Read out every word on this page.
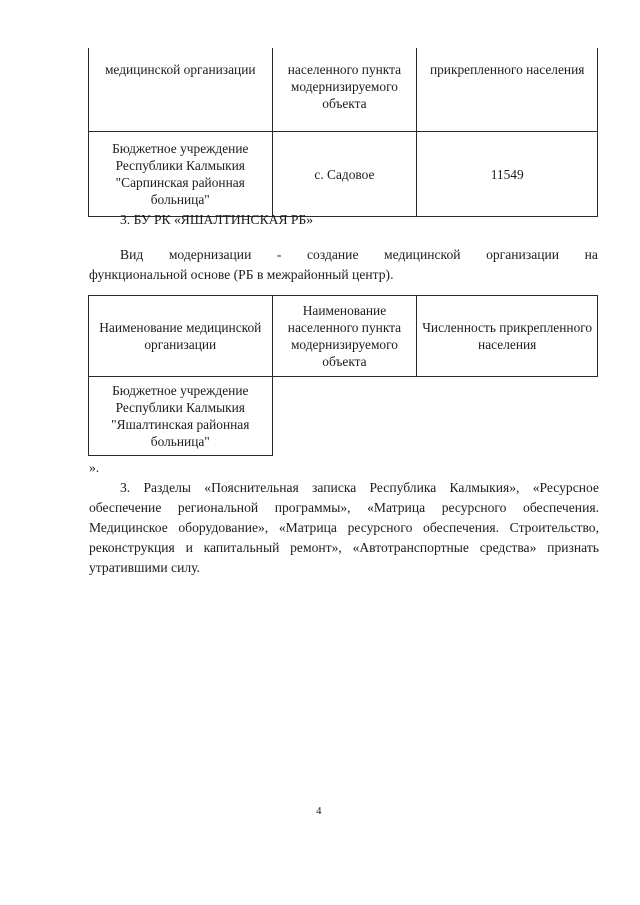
медицинской организации	населенного пункта модернизируемого объекта	прикрепленного населения
Бюджетное учреждение Республики Калмыкия "Сарпинская районная больница"	с. Садовое	11549
3. БУ РК «ЯШАЛТИНСКАЯ РБ»
Вид модернизации - создание медицинской организации на
функциональной основе (РБ в межрайонный центр).
Наименование медицинской организации	Наименование населенного пункта модернизируемого объекта	Численность прикрепленного населения
Бюджетное учреждение Республики Калмыкия "Яшалтинская районная больница"		
».
3. Разделы «Пояснительная записка Республика Калмыкия», «Ресурсное обеспечение региональной программы», «Матрица ресурсного обеспечения. Медицинское оборудование», «Матрица ресурсного обеспечения. Строительство, реконструкция и капитальный ремонт», «Автотранспортные средства» признать утратившими силу.
4
